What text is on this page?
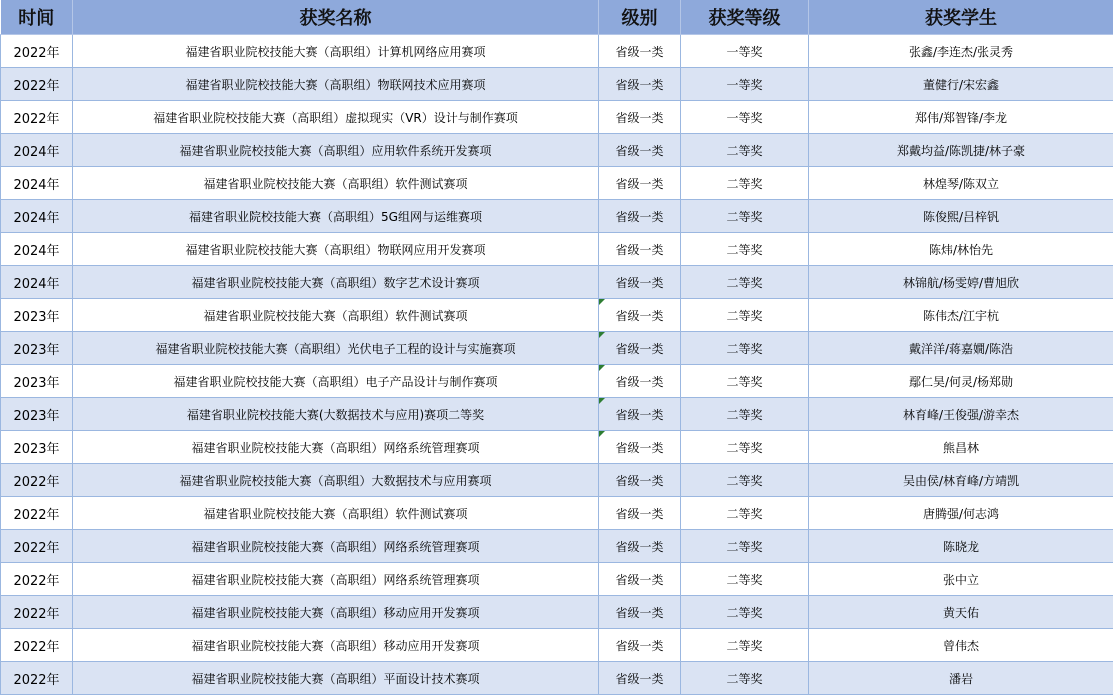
时间	获奖名称	级别	获奖等级	获奖学生
2022年	福建省职业院校技能大赛（高职组）计算机网络应用赛项	省级一类	一等奖	张鑫/李连杰/张灵秀
2022年	福建省职业院校技能大赛（高职组）物联网技术应用赛项	省级一类	一等奖	董健行/宋宏鑫
2022年	福建省职业院校技能大赛（高职组）虚拟现实（VR）设计与制作赛项	省级一类	一等奖	郑伟/郑智锋/李龙
2024年	福建省职业院校技能大赛（高职组）应用软件系统开发赛项	省级一类	二等奖	郑戴均益/陈凯捷/林子豪
2024年	福建省职业院校技能大赛（高职组）软件测试赛项	省级一类	二等奖	林煌琴/陈双立
2024年	福建省职业院校技能大赛（高职组）5G组网与运维赛项	省级一类	二等奖	陈俊熙/吕梓钒
2024年	福建省职业院校技能大赛（高职组）物联网应用开发赛项	省级一类	二等奖	陈炜/林怡先
2024年	福建省职业院校技能大赛（高职组）数字艺术设计赛项	省级一类	二等奖	林锦航/杨雯婷/曹旭欣
2023年	福建省职业院校技能大赛（高职组）软件测试赛项	省级一类	二等奖	陈伟杰/江宇杭
2023年	福建省职业院校技能大赛（高职组）光伏电子工程的设计与实施赛项	省级一类	二等奖	戴洋洋/蒋嘉嫺/陈浩
2023年	福建省职业院校技能大赛（高职组）电子产品设计与制作赛项	省级一类	二等奖	鄢仁昊/何灵/杨郑勋
2023年	福建省职业院校技能大赛(大数据技术与应用)赛项二等奖	省级一类	二等奖	林育峰/王俊强/游幸杰
2023年	福建省职业院校技能大赛（高职组）网络系统管理赛项	省级一类	二等奖	熊昌林
2022年	福建省职业院校技能大赛（高职组）大数据技术与应用赛项	省级一类	二等奖	吴由侯/林育峰/方靖凯
2022年	福建省职业院校技能大赛（高职组）软件测试赛项	省级一类	二等奖	唐腾强/何志鸿
2022年	福建省职业院校技能大赛（高职组）网络系统管理赛项	省级一类	二等奖	陈晓龙
2022年	福建省职业院校技能大赛（高职组）网络系统管理赛项	省级一类	二等奖	张中立
2022年	福建省职业院校技能大赛（高职组）移动应用开发赛项	省级一类	二等奖	黄天佑
2022年	福建省职业院校技能大赛（高职组）移动应用开发赛项	省级一类	二等奖	曾伟杰
2022年	福建省职业院校技能大赛（高职组）平面设计技术赛项	省级一类	二等奖	潘岩
